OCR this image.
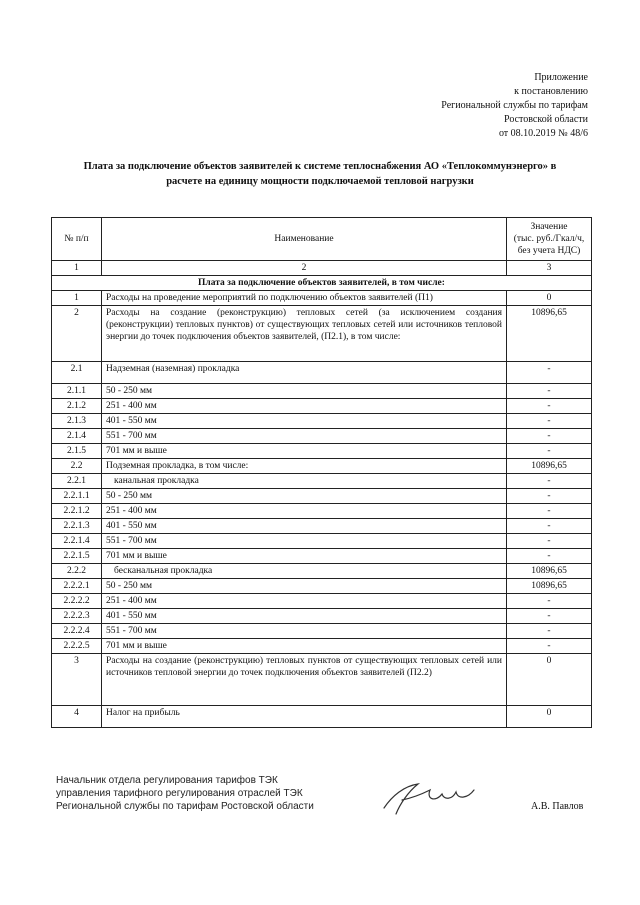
Приложение
к постановлению
Региональной службы по тарифам
Ростовской области
от 08.10.2019 № 48/6
Плата за подключение объектов заявителей к системе теплоснабжения АО «Теплокоммунэнерго» в
расчете на единицу мощности подключаемой тепловой нагрузки
№ п/п	Наименование	Значение
(тыс. руб./Гкал/ч,
без учета НДС)

1	2	3
Плата за подключение объектов заявителей, в том числе:		
1	Расходы на проведение мероприятий по подключению объектов заявителей (П1)	0
2	Расходы на создание (реконструкцию) тепловых сетей (за исключением создания (реконструкции) тепловых пунктов) от существующих тепловых сетей или источников тепловой энергии до точек подключения объектов заявителей, (П2.1), в том числе:	10896,65
2.1	Надземная (наземная) прокладка	-
2.1.1	50 - 250 мм	-
2.1.2	251 - 400 мм	-
2.1.3	401 - 550 мм	-
2.1.4	551 - 700 мм	-
2.1.5	701 мм и выше	-
2.2	Подземная прокладка, в том числе:	10896,65
2.2.1	канальная прокладка	-
2.2.1.1	50 - 250 мм	-
2.2.1.2	251 - 400 мм	-
2.2.1.3	401 - 550 мм	-
2.2.1.4	551 - 700 мм	-
2.2.1.5	701 мм и выше	-
2.2.2	бесканальная прокладка	10896,65
2.2.2.1	50 - 250 мм	10896,65
2.2.2.2	251 - 400 мм	-
2.2.2.3	401 - 550 мм	-
2.2.2.4	551 - 700 мм	-
2.2.2.5	701 мм и выше	-
3	Расходы на создание (реконструкцию) тепловых пунктов от существующих тепловых сетей или источников тепловой энергии до точек подключения объектов заявителей (П2.2)	0
4	Налог на прибыль	0
Начальник отдела регулирования тарифов ТЭК
управления тарифного регулирования отраслей ТЭК
Региональной службы по тарифам Ростовской области	А.В. Павлов
